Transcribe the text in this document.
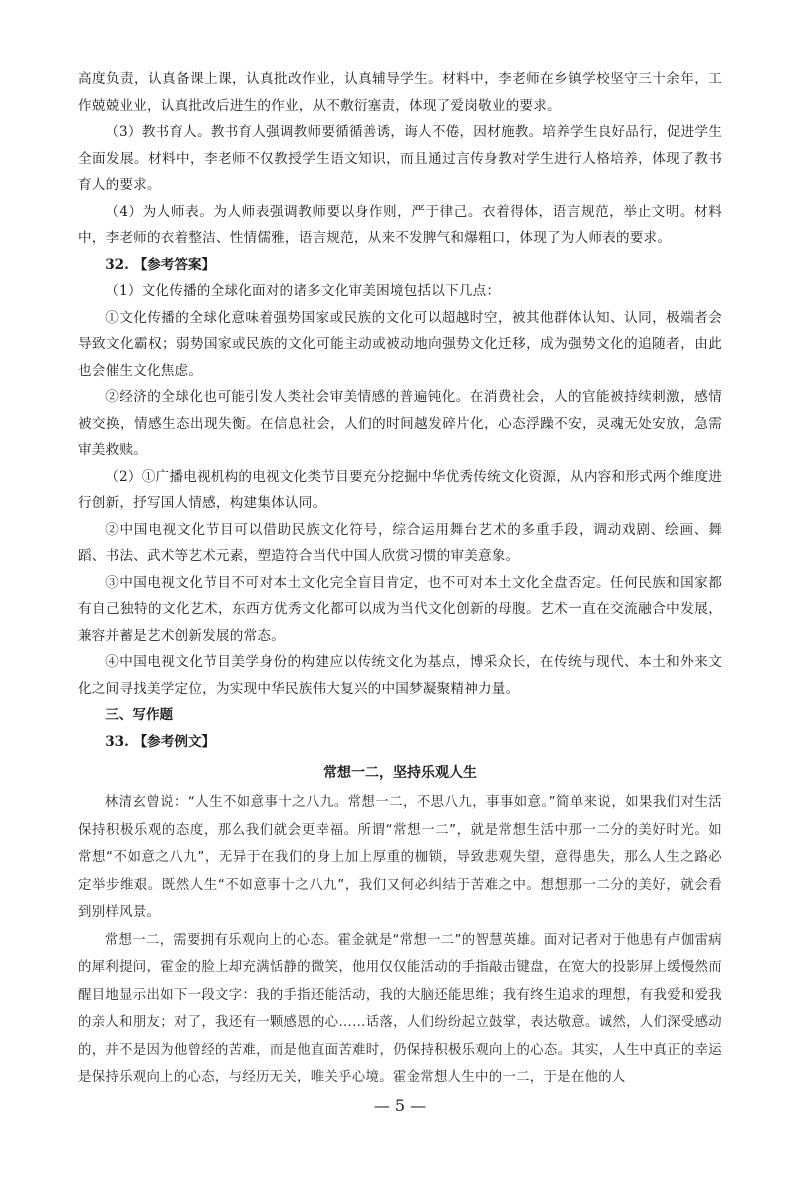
高度负责，认真备课上课，认真批改作业，认真辅导学生。材料中，李老师在乡镇学校坚守三十余年，工作兢兢业业，认真批改后进生的作业，从不敷衍塞责，体现了爱岗敬业的要求。

（3）教书育人。教书育人强调教师要循循善诱，诲人不倦，因材施教。培养学生良好品行，促进学生全面发展。材料中，李老师不仅教授学生语文知识，而且通过言传身教对学生进行人格培养，体现了教书育人的要求。

（4）为人师表。为人师表强调教师要以身作则，严于律己。衣着得体，语言规范，举止文明。材料中，李老师的衣着整洁、性情儒雅，语言规范，从来不发脾气和爆粗口，体现了为人师表的要求。

32. 【参考答案】

（1）文化传播的全球化面对的诸多文化审美困境包括以下几点：

①文化传播的全球化意味着强势国家或民族的文化可以超越时空，被其他群体认知、认同，极端者会导致文化霸权；弱势国家或民族的文化可能主动或被动地向强势文化迁移，成为强势文化的追随者，由此也会催生文化焦虑。

②经济的全球化也可能引发人类社会审美情感的普遍钝化。在消费社会，人的官能被持续刺激，感情被交换，情感生态出现失衡。在信息社会，人们的时间越发碎片化，心态浮躁不安，灵魂无处安放，急需审美救赎。

（2）①广播电视机构的电视文化类节目要充分挖掘中华优秀传统文化资源，从内容和形式两个维度进行创新，抒写国人情感，构建集体认同。

②中国电视文化节目可以借助民族文化符号，综合运用舞台艺术的多重手段，调动戏剧、绘画、舞蹈、书法、武术等艺术元素，塑造符合当代中国人欣赏习惯的审美意象。

③中国电视文化节目不可对本土文化完全盲目肯定，也不可对本土文化全盘否定。任何民族和国家都有自己独特的文化艺术，东西方优秀文化都可以成为当代文化创新的母腹。艺术一直在交流融合中发展，兼容并蓄是艺术创新发展的常态。

④中国电视文化节目美学身份的构建应以传统文化为基点，博采众长，在传统与现代、本土和外来文化之间寻找美学定位，为实现中华民族伟大复兴的中国梦凝聚精神力量。

三、写作题

33. 【参考例文】

常想一二，坚持乐观人生

林清玄曾说：“人生不如意事十之八九。常想一二，不思八九，事事如意。”简单来说，如果我们对生活保持积极乐观的态度，那么我们就会更幸福。所谓“常想一二”，就是常想生活中那一二分的美好时光。如常想“不如意之八九”，无异于在我们的身上加上厚重的枷锁，导致悲观失望，意得患失，那么人生之路必定举步维艰。既然人生“不如意事十之八九”，我们又何必纠结于苦难之中。想想那一二分的美好，就会看到别样风景。

常想一二，需要拥有乐观向上的心态。霍金就是“常想一二”的智慧英雄。面对记者对于他患有卢伽雷病的犀利提问，霍金的脸上却充满恬静的微笑，他用仅仅能活动的手指敲击键盘，在宽大的投影屏上缓慢然而醒目地显示出如下一段文字：我的手指还能活动，我的大脑还能思维；我有终生追求的理想，有我爱和爱我的亲人和朋友；对了，我还有一颗感恩的心……话落，人们纷纷起立鼓掌，表达敬意。诚然，人们深受感动的，并不是因为他曾经的苦难，而是他直面苦难时，仍保持积极乐观向上的心态。其实，人生中真正的幸运是保持乐观向上的心态，与经历无关，唯关乎心境。霍金常想人生中的一二，于是在他的人

— 5 —
